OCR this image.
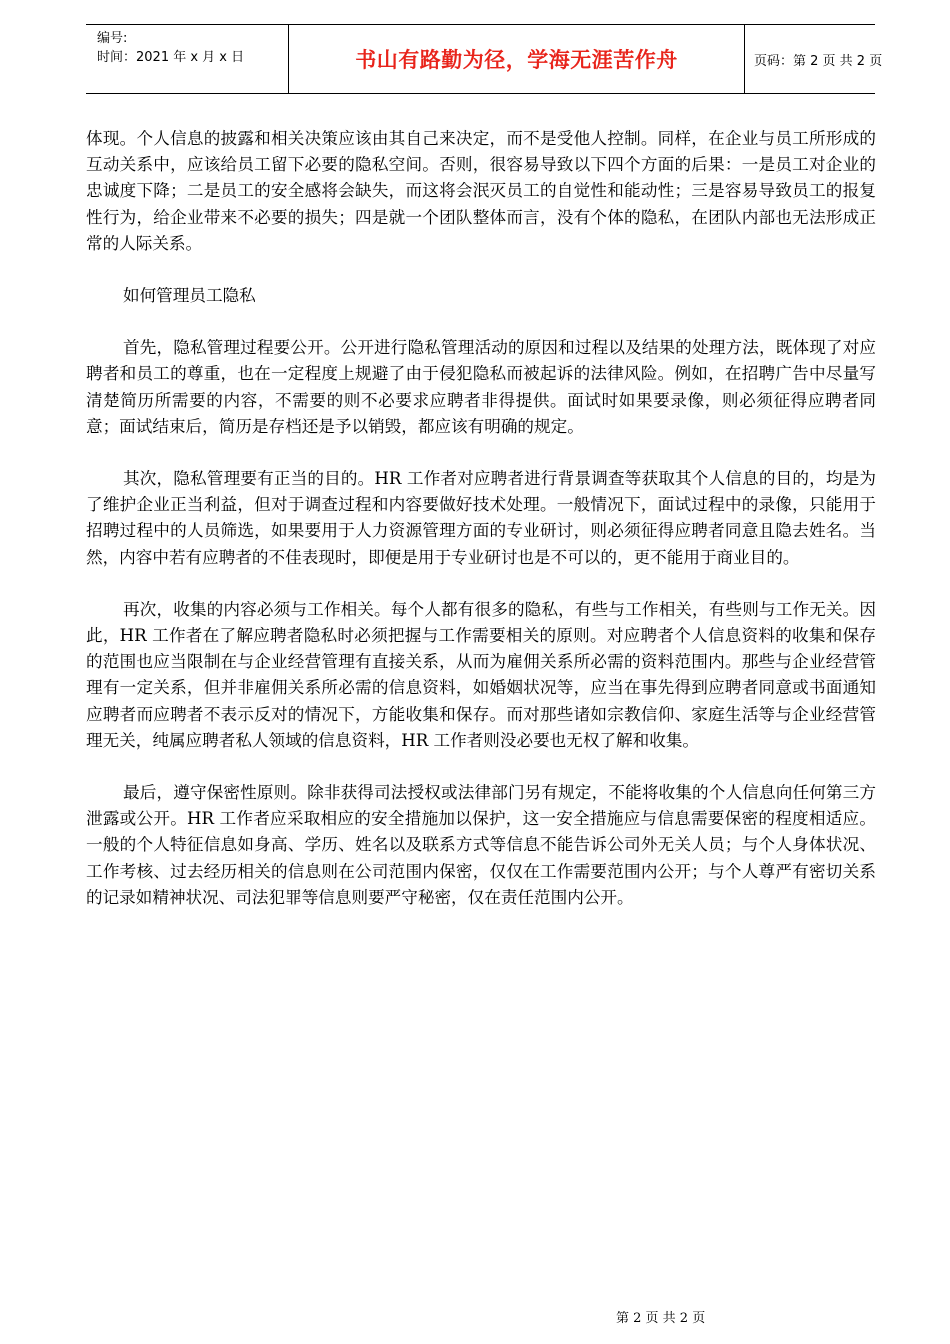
编号:
时间：2021 年 x 月 x 日	书山有路勤为径，学海无涯苦作舟	页码：第 2 页 共 2 页

体现。个人信息的披露和相关决策应该由其自己来决定，而不是受他人控制。同样，在企业与员工所形成的互动关系中，应该给员工留下必要的隐私空间。否则，很容易导致以下四个方面的后果：一是员工对企业的忠诚度下降；二是员工的安全感将会缺失，而这将会泯灭员工的自觉性和能动性；三是容易导致员工的报复性行为，给企业带来不必要的损失；四是就一个团队整体而言，没有个体的隐私，在团队内部也无法形成正常的人际关系。

如何管理员工隐私

首先，隐私管理过程要公开。公开进行隐私管理活动的原因和过程以及结果的处理方法，既体现了对应聘者和员工的尊重，也在一定程度上规避了由于侵犯隐私而被起诉的法律风险。例如，在招聘广告中尽量写清楚简历所需要的内容，不需要的则不必要求应聘者非得提供。面试时如果要录像，则必须征得应聘者同意；面试结束后，简历是存档还是予以销毁，都应该有明确的规定。

其次，隐私管理要有正当的目的。HR 工作者对应聘者进行背景调查等获取其个人信息的目的，均是为了维护企业正当利益，但对于调查过程和内容要做好技术处理。一般情况下，面试过程中的录像，只能用于招聘过程中的人员筛选，如果要用于人力资源管理方面的专业研讨，则必须征得应聘者同意且隐去姓名。当然，内容中若有应聘者的不佳表现时，即便是用于专业研讨也是不可以的，更不能用于商业目的。

再次，收集的内容必须与工作相关。每个人都有很多的隐私，有些与工作相关，有些则与工作无关。因此，HR 工作者在了解应聘者隐私时必须把握与工作需要相关的原则。对应聘者个人信息资料的收集和保存的范围也应当限制在与企业经营管理有直接关系，从而为雇佣关系所必需的资料范围内。那些与企业经营管理有一定关系，但并非雇佣关系所必需的信息资料，如婚姻状况等，应当在事先得到应聘者同意或书面通知应聘者而应聘者不表示反对的情况下，方能收集和保存。而对那些诸如宗教信仰、家庭生活等与企业经营管理无关，纯属应聘者私人领域的信息资料，HR 工作者则没必要也无权了解和收集。

最后，遵守保密性原则。除非获得司法授权或法律部门另有规定，不能将收集的个人信息向任何第三方泄露或公开。HR 工作者应采取相应的安全措施加以保护，这一安全措施应与信息需要保密的程度相适应。一般的个人特征信息如身高、学历、姓名以及联系方式等信息不能告诉公司外无关人员；与个人身体状况、工作考核、过去经历相关的信息则在公司范围内保密，仅仅在工作需要范围内公开；与个人尊严有密切关系的记录如精神状况、司法犯罪等信息则要严守秘密，仅在责任范围内公开。

第 2 页 共 2 页
